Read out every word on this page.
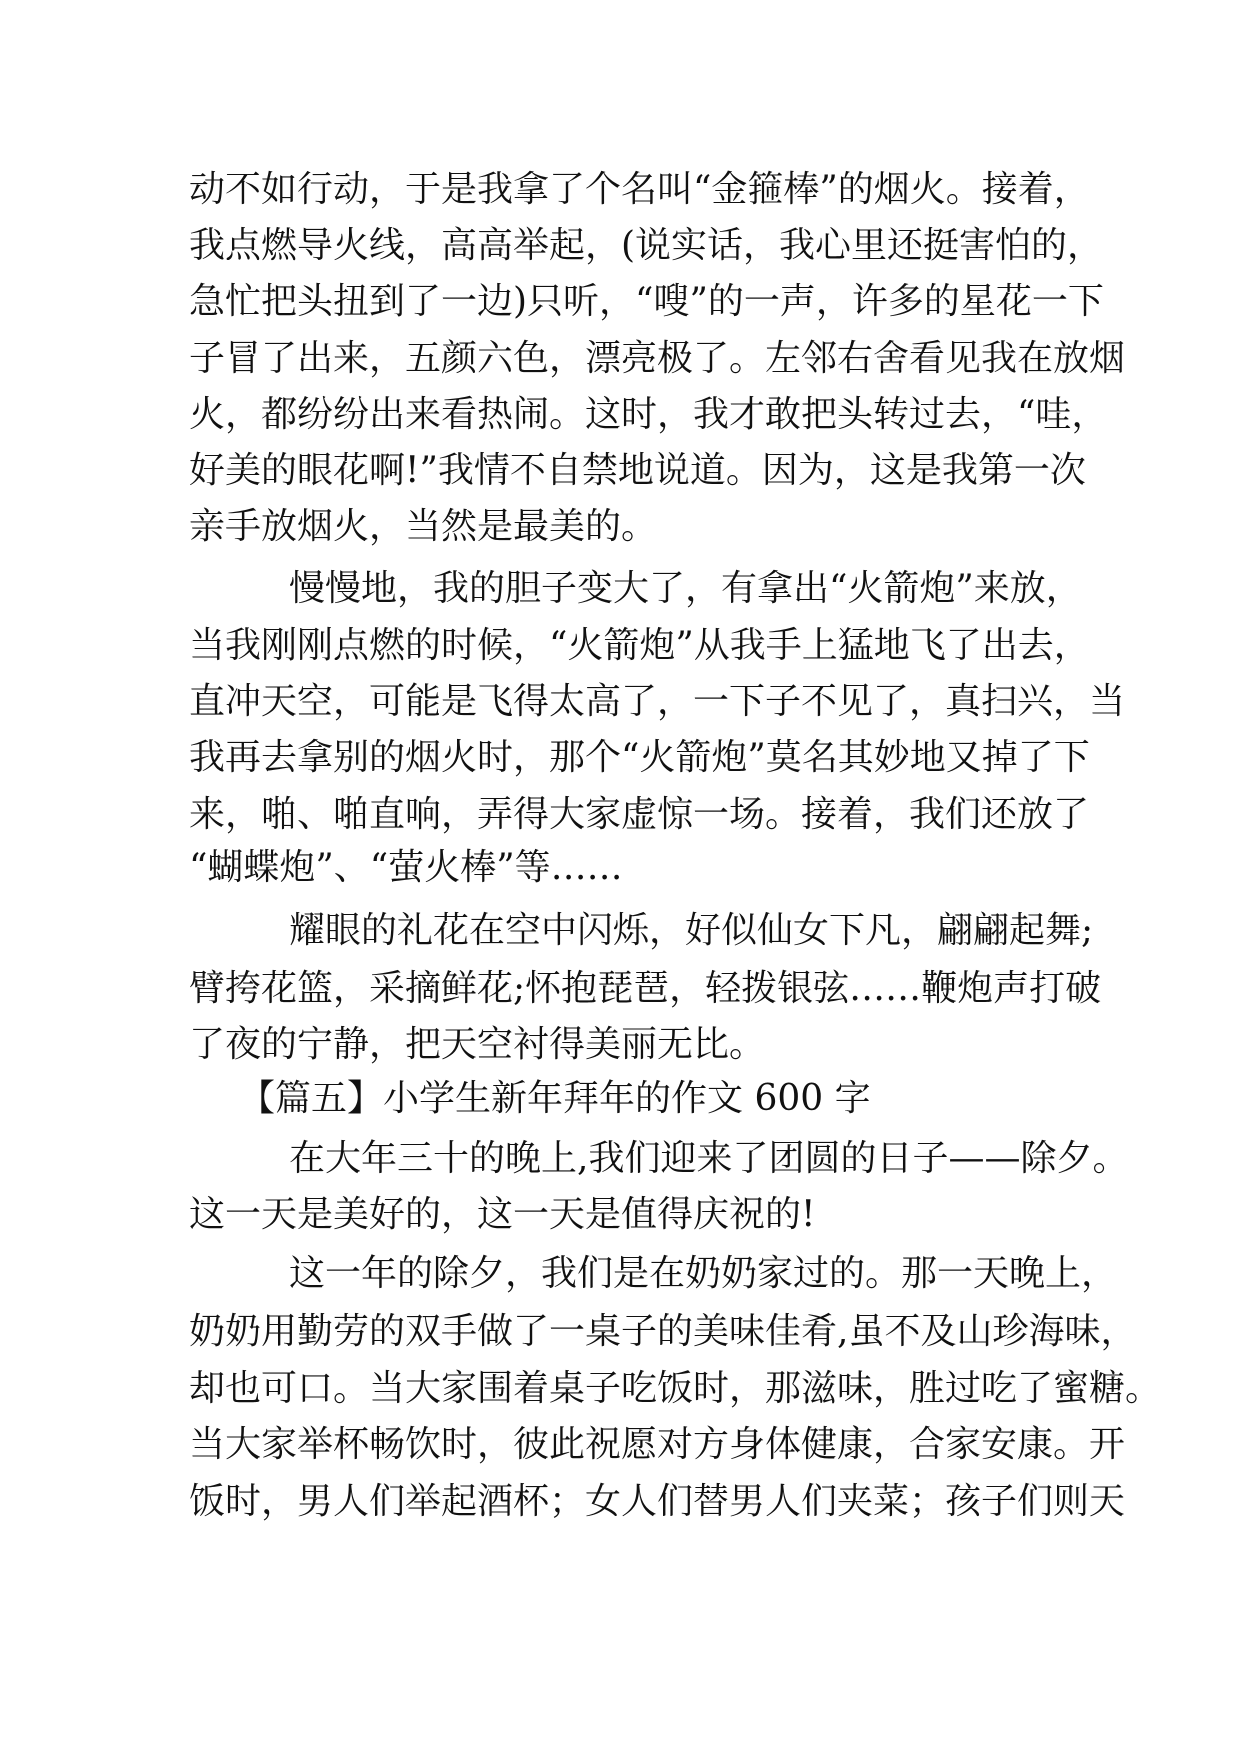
动不如行动，于是我拿了个名叫“金箍棒”的烟火。接着，
我点燃导火线，高高举起，(说实话，我心里还挺害怕的，
急忙把头扭到了一边)只听，“嗖”的一声，许多的星花一下
子冒了出来，五颜六色，漂亮极了。左邻右舍看见我在放烟
火，都纷纷出来看热闹。这时，我才敢把头转过去，“哇，
好美的眼花啊!”我情不自禁地说道。因为，这是我第一次
亲手放烟火，当然是最美的。
慢慢地，我的胆子变大了，有拿出“火箭炮”来放，
当我刚刚点燃的时候，“火箭炮”从我手上猛地飞了出去，
直冲天空，可能是飞得太高了，一下子不见了，真扫兴，当
我再去拿别的烟火时，那个“火箭炮”莫名其妙地又掉了下
来，啪、啪直响，弄得大家虚惊一场。接着，我们还放了
“蝴蝶炮”、“萤火棒”等……
耀眼的礼花在空中闪烁，好似仙女下凡，翩翩起舞;
臂挎花篮，采摘鲜花;怀抱琵琶，轻拨银弦……鞭炮声打破
了夜的宁静，把天空衬得美丽无比。
【篇五】小学生新年拜年的作文 600 字
在大年三十的晚上,我们迎来了团圆的日子——除夕。
这一天是美好的，这一天是值得庆祝的!
这一年的除夕，我们是在奶奶家过的。那一天晚上，
奶奶用勤劳的双手做了一桌子的美味佳肴,虽不及山珍海味，
却也可口。当大家围着桌子吃饭时，那滋味，胜过吃了蜜糖。
当大家举杯畅饮时，彼此祝愿对方身体健康，合家安康。开
饭时，男人们举起酒杯；女人们替男人们夹菜；孩子们则天
